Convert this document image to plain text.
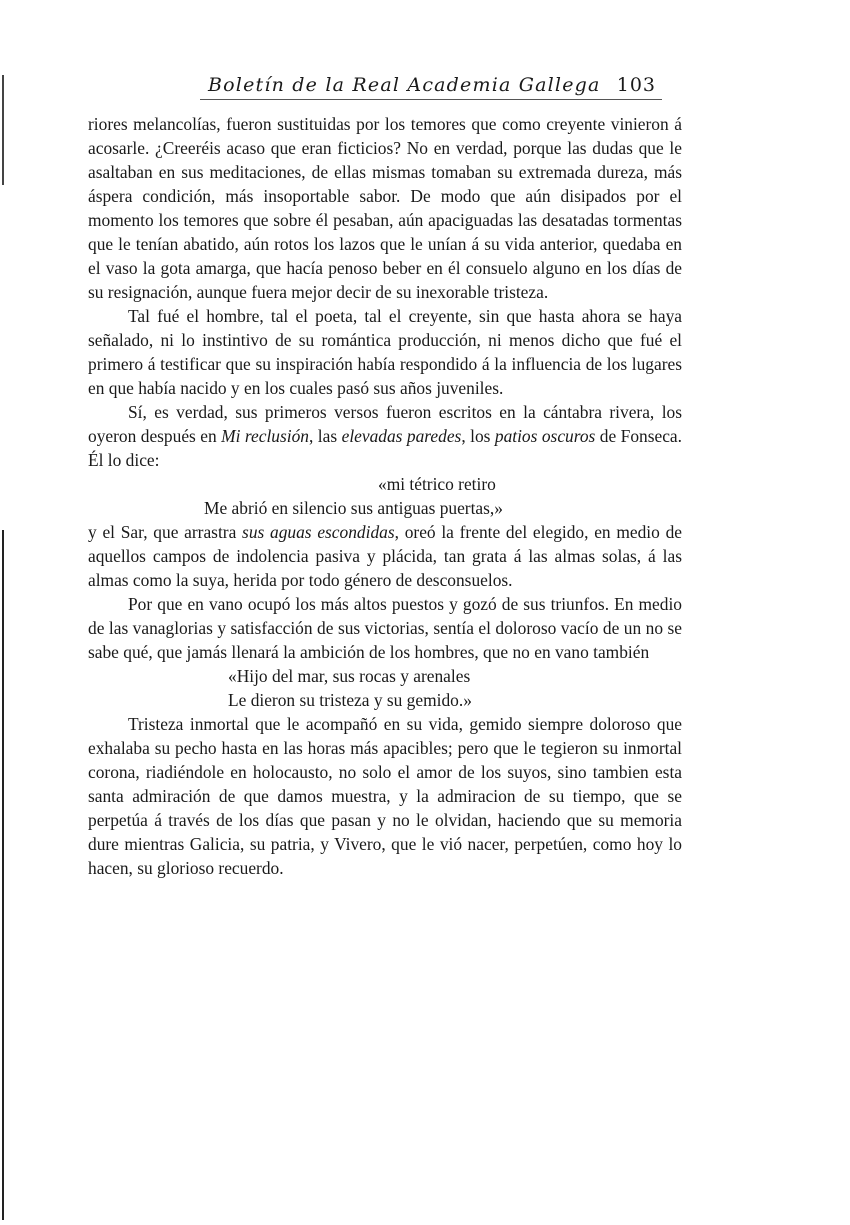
Boletín de la Real Academia Gallega 103

riores melancolías, fueron sustituidas por los temores que como creyente vinieron á acosarle. ¿Creeréis acaso que eran ficticios? No en verdad, porque las dudas que le asaltaban en sus meditaciones, de ellas mismas tomaban su extremada dureza, más áspera condición, más insoportable sabor. De modo que aún disipados por el momento los temores que sobre él pesaban, aún apaciguadas las desatadas tormentas que le tenían abatido, aún rotos los lazos que le unían á su vida anterior, quedaba en el vaso la gota amarga, que hacía penoso beber en él consuelo alguno en los días de su resignación, aunque fuera mejor decir de su inexorable tristeza.

Tal fué el hombre, tal el poeta, tal el creyente, sin que hasta ahora se haya señalado, ni lo instintivo de su romántica producción, ni menos dicho que fué el primero á testificar que su inspiración había respondido á la influencia de los lugares en que había nacido y en los cuales pasó sus años juveniles.

Sí, es verdad, sus primeros versos fueron escritos en la cántabra rivera, los oyeron después en Mi reclusión, las elevadas paredes, los patios oscuros de Fonseca. Él lo dice:

«mi tétrico retiro
Me abrió en silencio sus antiguas puertas,»

y el Sar, que arrastra sus aguas escondidas, oreó la frente del elegido, en medio de aquellos campos de indolencia pasiva y plácida, tan grata á las almas solas, á las almas como la suya, herida por todo género de desconsuelos.

Por que en vano ocupó los más altos puestos y gozó de sus triunfos. En medio de las vanaglorias y satisfacción de sus victorias, sentía el doloroso vacío de un no se sabe qué, que jamás llenará la ambición de los hombres, que no en vano también

«Hijo del mar, sus rocas y arenales
Le dieron su tristeza y su gemido.»

Tristeza inmortal que le acompañó en su vida, gemido siempre doloroso que exhalaba su pecho hasta en las horas más apacibles; pero que le tegieron su inmortal corona, riadiéndole en holocausto, no solo el amor de los suyos, sino tambien esta santa admiración de que damos muestra, y la admiracion de su tiempo, que se perpetúa á través de los días que pasan y no le olvidan, haciendo que su memoria dure mientras Galicia, su patria, y Vivero, que le vió nacer, perpetúen, como hoy lo hacen, su glorioso recuerdo.
